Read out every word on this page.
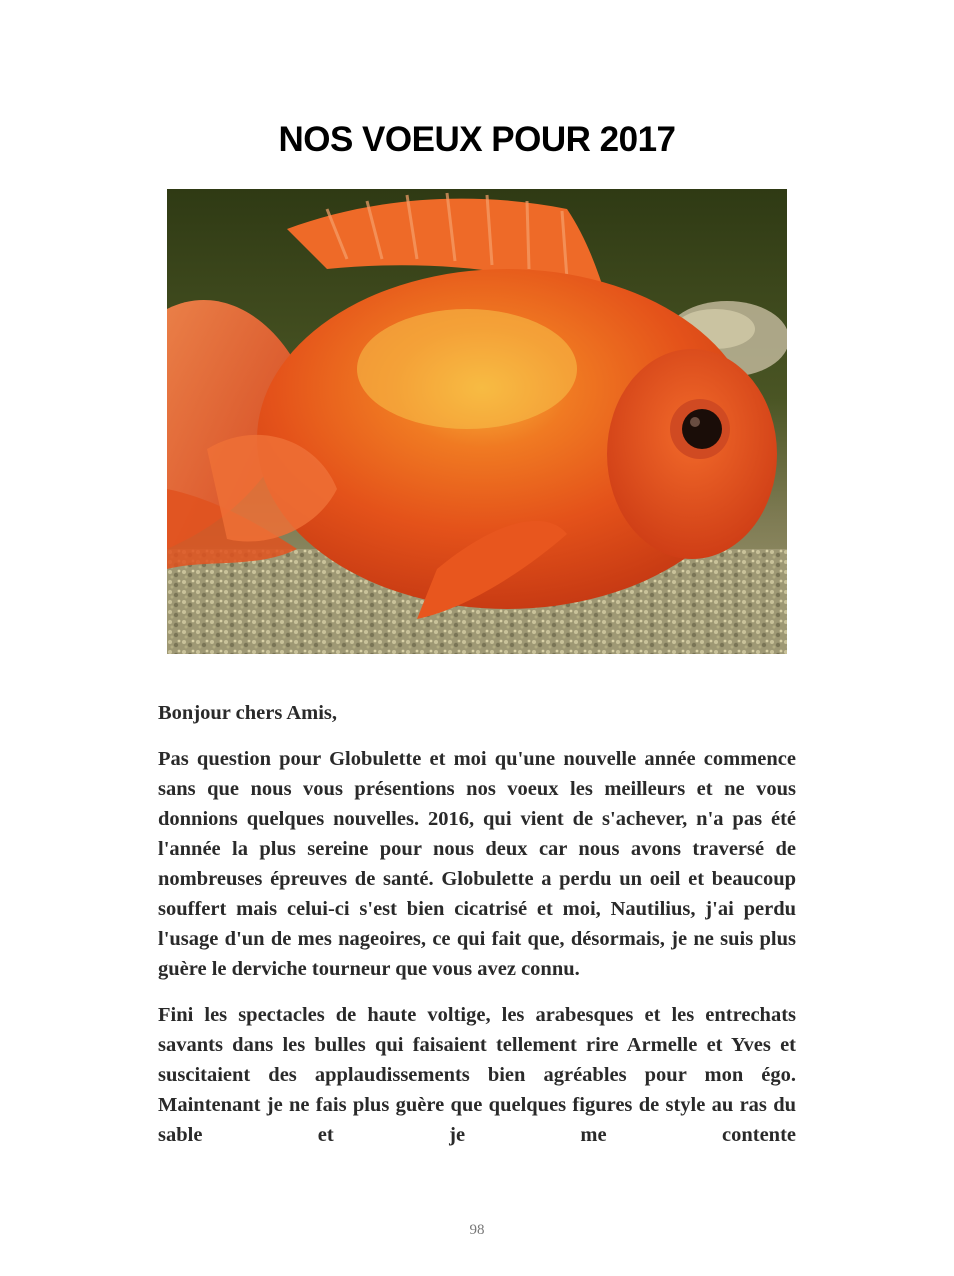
NOS VOEUX POUR 2017

Bonjour chers Amis,

Pas question pour Globulette et moi qu'une nouvelle année commence sans que nous vous présentions nos voeux les meilleurs et ne vous donnions quelques nouvelles. 2016, qui vient de s'achever, n'a pas été l'année la plus sereine pour nous deux car nous avons traversé de nombreuses épreuves de santé. Globulette a perdu un oeil et beaucoup souffert mais celui-ci s'est bien cicatrisé et moi, Nautilius, j'ai perdu l'usage d'un de mes nageoires, ce qui fait que, désormais, je ne suis plus guère le derviche tourneur que vous avez connu.

Fini les spectacles de haute voltige, les arabesques et les entrechats savants dans les bulles qui faisaient tellement rire Armelle et Yves et suscitaient des applaudissements bien agréables pour mon égo. Maintenant je ne fais plus guère que quelques figures de style au ras du sable et je me contente

98
